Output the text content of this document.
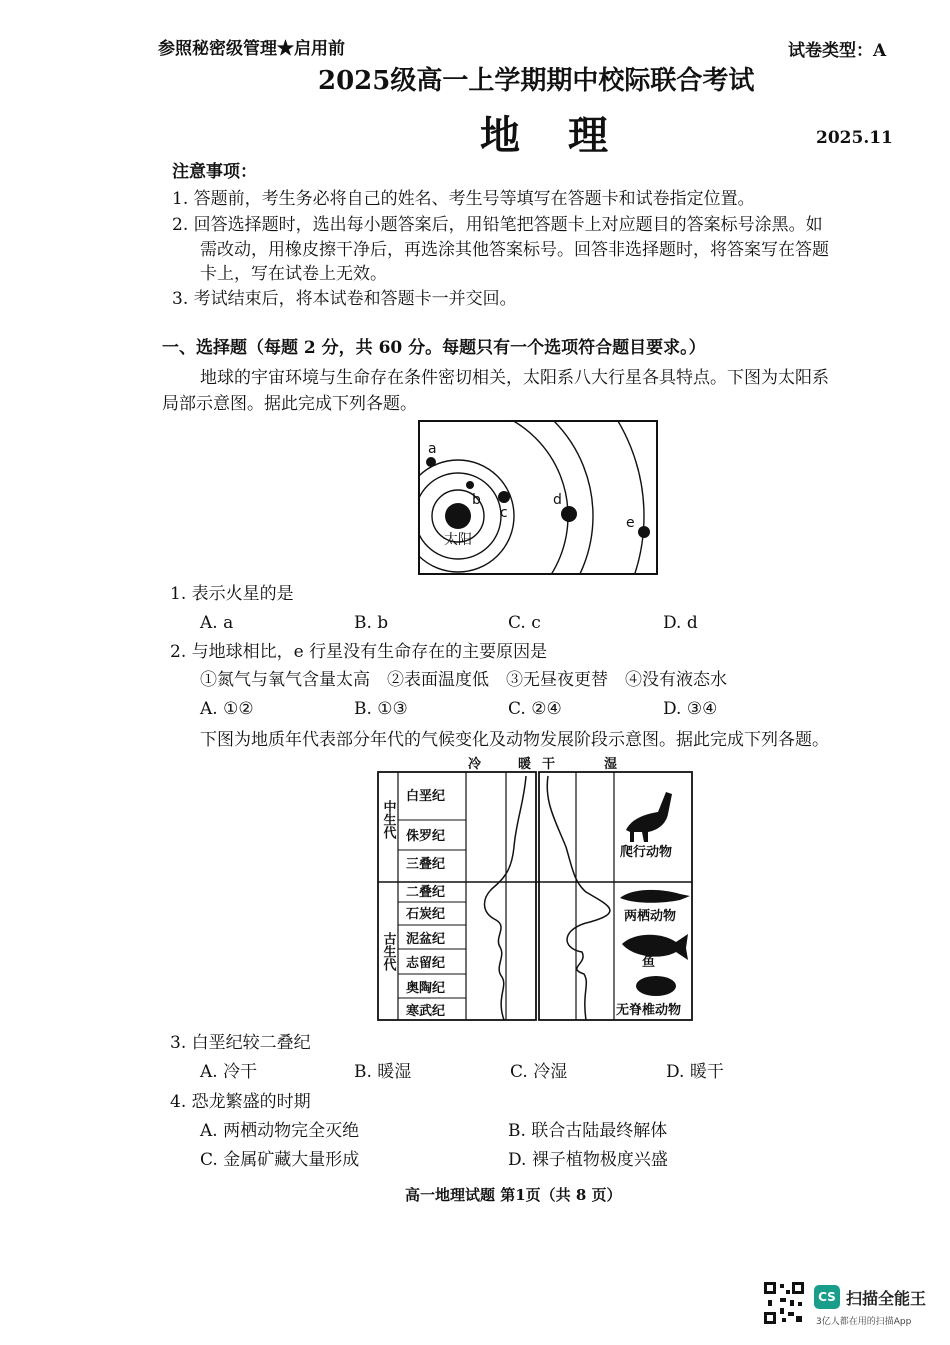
参照秘密级管理★启用前	试卷类型：A
2025级高一上学期期中校际联合考试
地　理	2025.11
注意事项：
1. 答题前，考生务必将自己的姓名、考生号等填写在答题卡和试卷指定位置。
2. 回答选择题时，选出每小题答案后，用铅笔把答题卡上对应题目的答案标号涂黑。如
需改动，用橡皮擦干净后，再选涂其他答案标号。回答非选择题时，将答案写在答题
卡上，写在试卷上无效。
3. 考试结束后，将本试卷和答题卡一并交回。
一、选择题（每题 2 分，共 60 分。每题只有一个选项符合题目要求。）
地球的宇宙环境与生命存在条件密切相关，太阳系八大行星各具特点。下图为太阳系
局部示意图。据此完成下列各题。
太阳
a
b
c
d
e
1. 表示火星的是
A. a	B. b	C. c	D. d
2. 与地球相比，e 行星没有生命存在的主要原因是
①氮气与氧气含量太高　②表面温度低　③无昼夜更替　④没有液态水
A. ①②	B. ①③	C. ②④	D. ③④
下图为地质年代表部分年代的气候变化及动物发展阶段示意图。据此完成下列各题。
冷	暖 干	湿
中生代
古生代
白垩纪
侏罗纪
三叠纪
二叠纪
石炭纪
泥盆纪
志留纪
奥陶纪
寒武纪
爬行动物
两栖动物
鱼
无脊椎动物
3. 白垩纪较二叠纪
A. 冷干	B. 暖湿	C. 冷湿	D. 暖干
4. 恐龙繁盛的时期
A. 两栖动物完全灭绝	B. 联合古陆最终解体
C. 金属矿藏大量形成	D. 裸子植物极度兴盛
高一地理试题 第1页（共 8 页）
CS 扫描全能王
3亿人都在用的扫描App
